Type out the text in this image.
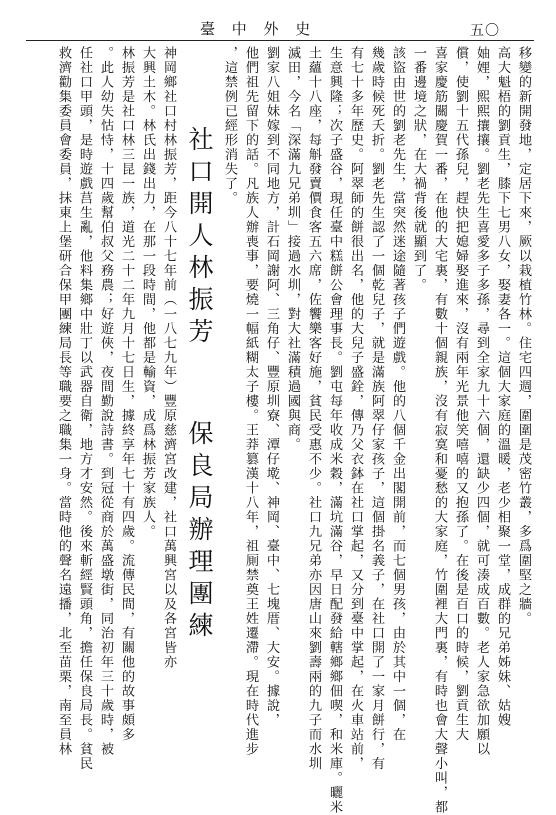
臺 中 外 史	五〇

移變的新開發地，定居下來，厥以栽植竹林。住宅四週，圍圍是茂密竹叢，多爲圍堅之牆。

高大魁梧的劉貢生，膝下七男八女，娶妻各一。這個大家庭的溫暖，老少相聚一堂，成群的兄弟姊妹、姑嫂

妯娌，熙熙攘攘。劉老先生喜愛多子多孫，尋到全家九十六個，還缺少四個，就可湊成百數。老人家急欲加願以

償，使劉十五代孫兒，趕快把媳婦娶進來，沒有兩年光景他笑嘻嘻的又抱孫了。在後是百口的時候，劉貢生大

喜家慶筋關慶賀一番，在他的大宅裏，有數十個親族，沒有寂寞和憂愁的大家庭，竹圍裡大門裏，有時也會大聲小叫，都

一番邊境之狀，在大禍背後就顯到了。

該盜由世的劉老先生，當突然迷途隨著孩子們遊戲。他的八個千金出閣開前，而七個男孩，由於其中一個，在

幾歲時候死夭折。劉老先生認了一個乾兒子，就是滿族阿翠仔家孩子，這個掛名義子，在社口開了一家月餅行，有

有七十多年歷史。阿翠師的餅很出名，他的大兒子盛銓，傳乃父衣鉢在社口掌起，又分到臺中掌起，在火車站前，

生意興隆；次子盛谷，現任臺中糕餅公會理事長。劉屯每年收成米穀，滿坑滿谷，早日配發給轄鄉鄉佃喫，和米庫。曬米

土蘊十八座，每斛發賣價食客五六席，佐饗樂客好施，貧民受惠不少。社口九兄弟亦因唐山來劉壽兩的九子而水圳

滅田，今名「深滿九兄弟圳」接過水圳，對大社滿積過國與商。

劉家八姐妹嫁到不同地方，計石岡謝阿、三角仔、豐原圳寮、潭仔墘、神岡、臺中、七塊厝、大安。據說，

他們祖先留下的話。凡族人辦喪事，要燒一幅紙糊太子樓。王莽篡漢十八年，祖厠禁奠王姓遷滯。現在時代進步

，這禁例已經形消失了。

社口開人林振芳
保良局辦理團練

神岡鄉社口村林振芳，距今八十七年前（一八七九年）豐原慈濟宮改建，社口萬興宮以及各宮皆亦

大興土木。林氏出錢出力，在那一段時間，他都是輸資，成爲林振芳家族人。

林振芳是社口林三昆一族，道光二十二年九月十七日生，據終享年七十有四歲。流傳民間，有關他的故事頗多

。此人幼失怙恃，十四歲幫伯叔父務農；好遊俠，夜間勤說詩書。到冠從商於萬盛墩街，同治初年三十歲時，被

任社口甲頭，是時遊戲莒生亂，他料集鄉中壯丁以武器自衛，地方才安然。後來斬經賢頭角，擔任保良局長。貧民

救濟勸集委員會委員，抹東上堡研合保甲團練局長等職要之職集一身。當時他的聲名遠播，北至苗栗，南至員林
